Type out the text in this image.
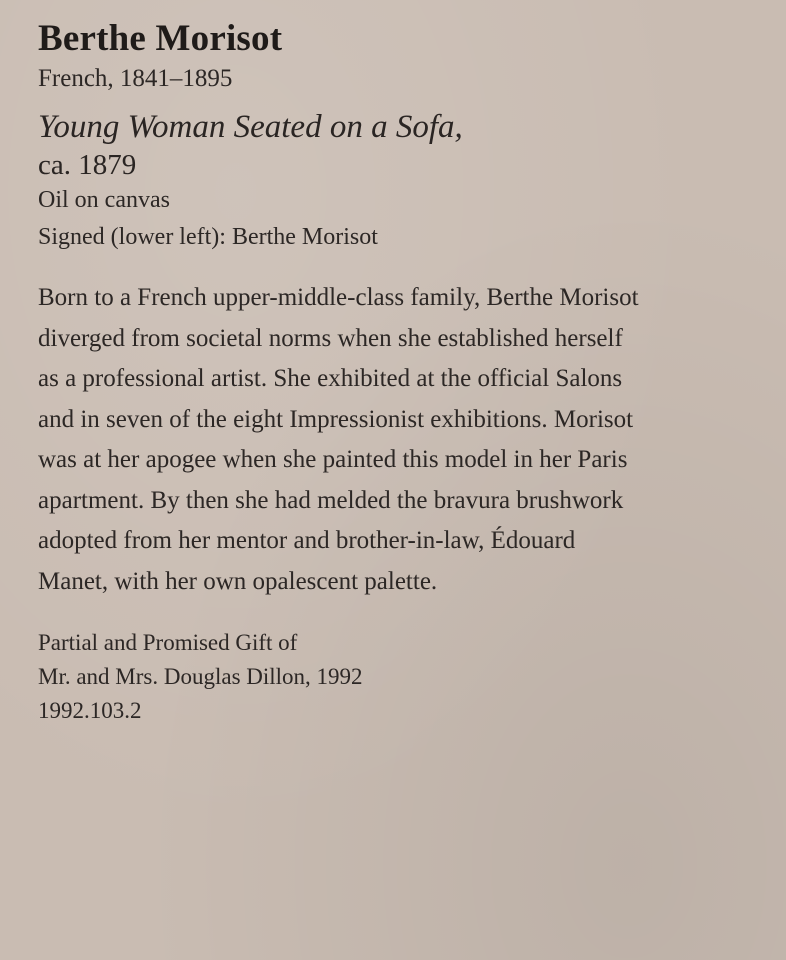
Berthe Morisot

French, 1841–1895

Young Woman Seated on a Sofa,

ca. 1879

Oil on canvas

Signed (lower left): Berthe Morisot

Born to a French upper-middle-class family, Berthe Morisot
diverged from societal norms when she established herself
as a professional artist. She exhibited at the official Salons
and in seven of the eight Impressionist exhibitions. Morisot
was at her apogee when she painted this model in her Paris
apartment. By then she had melded the bravura brushwork
adopted from her mentor and brother-in-law, Édouard
Manet, with her own opalescent palette.

Partial and Promised Gift of
Mr. and Mrs. Douglas Dillon, 1992
1992.103.2
